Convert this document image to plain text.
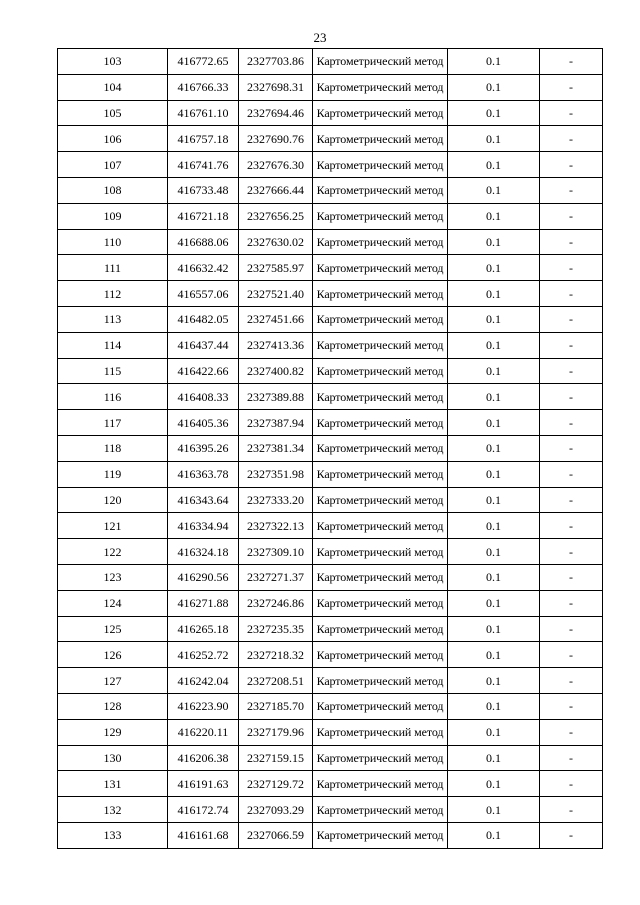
23
103	416772.65	2327703.86	Картометрический метод	0.1	-
104	416766.33	2327698.31	Картометрический метод	0.1	-
105	416761.10	2327694.46	Картометрический метод	0.1	-
106	416757.18	2327690.76	Картометрический метод	0.1	-
107	416741.76	2327676.30	Картометрический метод	0.1	-
108	416733.48	2327666.44	Картометрический метод	0.1	-
109	416721.18	2327656.25	Картометрический метод	0.1	-
110	416688.06	2327630.02	Картометрический метод	0.1	-
111	416632.42	2327585.97	Картометрический метод	0.1	-
112	416557.06	2327521.40	Картометрический метод	0.1	-
113	416482.05	2327451.66	Картометрический метод	0.1	-
114	416437.44	2327413.36	Картометрический метод	0.1	-
115	416422.66	2327400.82	Картометрический метод	0.1	-
116	416408.33	2327389.88	Картометрический метод	0.1	-
117	416405.36	2327387.94	Картометрический метод	0.1	-
118	416395.26	2327381.34	Картометрический метод	0.1	-
119	416363.78	2327351.98	Картометрический метод	0.1	-
120	416343.64	2327333.20	Картометрический метод	0.1	-
121	416334.94	2327322.13	Картометрический метод	0.1	-
122	416324.18	2327309.10	Картометрический метод	0.1	-
123	416290.56	2327271.37	Картометрический метод	0.1	-
124	416271.88	2327246.86	Картометрический метод	0.1	-
125	416265.18	2327235.35	Картометрический метод	0.1	-
126	416252.72	2327218.32	Картометрический метод	0.1	-
127	416242.04	2327208.51	Картометрический метод	0.1	-
128	416223.90	2327185.70	Картометрический метод	0.1	-
129	416220.11	2327179.96	Картометрический метод	0.1	-
130	416206.38	2327159.15	Картометрический метод	0.1	-
131	416191.63	2327129.72	Картометрический метод	0.1	-
132	416172.74	2327093.29	Картометрический метод	0.1	-
133	416161.68	2327066.59	Картометрический метод	0.1	-
